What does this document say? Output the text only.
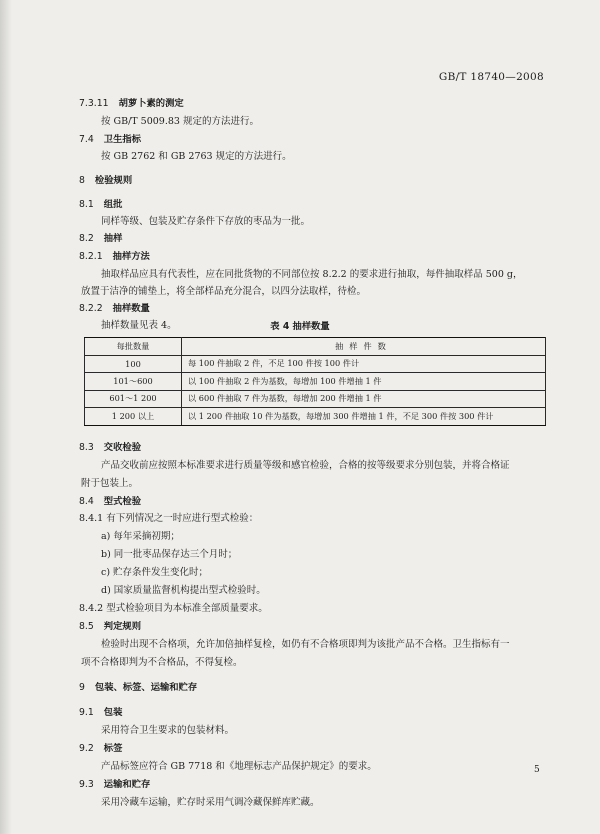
GB/T 18740—2008
7.3.11 胡萝卜素的测定
按 GB/T 5009.83 规定的方法进行。
7.4 卫生指标
按 GB 2762 和 GB 2763 规定的方法进行。
8 检验规则
8.1 组批
同样等级、包装及贮存条件下存放的枣品为一批。
8.2 抽样
8.2.1 抽样方法
抽取样品应具有代表性，应在同批货物的不同部位按 8.2.2 的要求进行抽取，每件抽取样品 500 g，
放置于洁净的铺垫上，将全部样品充分混合，以四分法取样，待检。
8.2.2 抽样数量
抽样数量见表 4。
8.3 交收检验
产品交收前应按照本标准要求进行质量等级和感官检验，合格的按等级要求分别包装，并将合格证
附于包装上。
8.4 型式检验
8.4.1 有下列情况之一时应进行型式检验：
a) 每年采摘初期；
b) 同一批枣品保存达三个月时；
c) 贮存条件发生变化时；
d) 国家质量监督机构提出型式检验时。
8.4.2 型式检验项目为本标准全部质量要求。
8.5 判定规则
检验时出现不合格项，允许加倍抽样复检，如仍有不合格项即判为该批产品不合格。卫生指标有一
项不合格即判为不合格品，不得复检。
9 包装、标签、运输和贮存
9.1 包装
采用符合卫生要求的包装材料。
9.2 标签
产品标签应符合 GB 7718 和《地理标志产品保护规定》的要求。
9.3 运输和贮存
采用冷藏车运输，贮存时采用气调冷藏保鲜库贮藏。
表 4 抽样数量
每批数量	抽样件数
100	每 100 件抽取 2 件，不足 100 件按 100 件计
101～600	以 100 件抽取 2 件为基数，每增加 100 件增抽 1 件
601～1 200	以 600 件抽取 7 件为基数，每增加 200 件增抽 1 件
1 200 以上	以 1 200 件抽取 10 件为基数，每增加 300 件增抽 1 件，不足 300 件按 300 件计
5
